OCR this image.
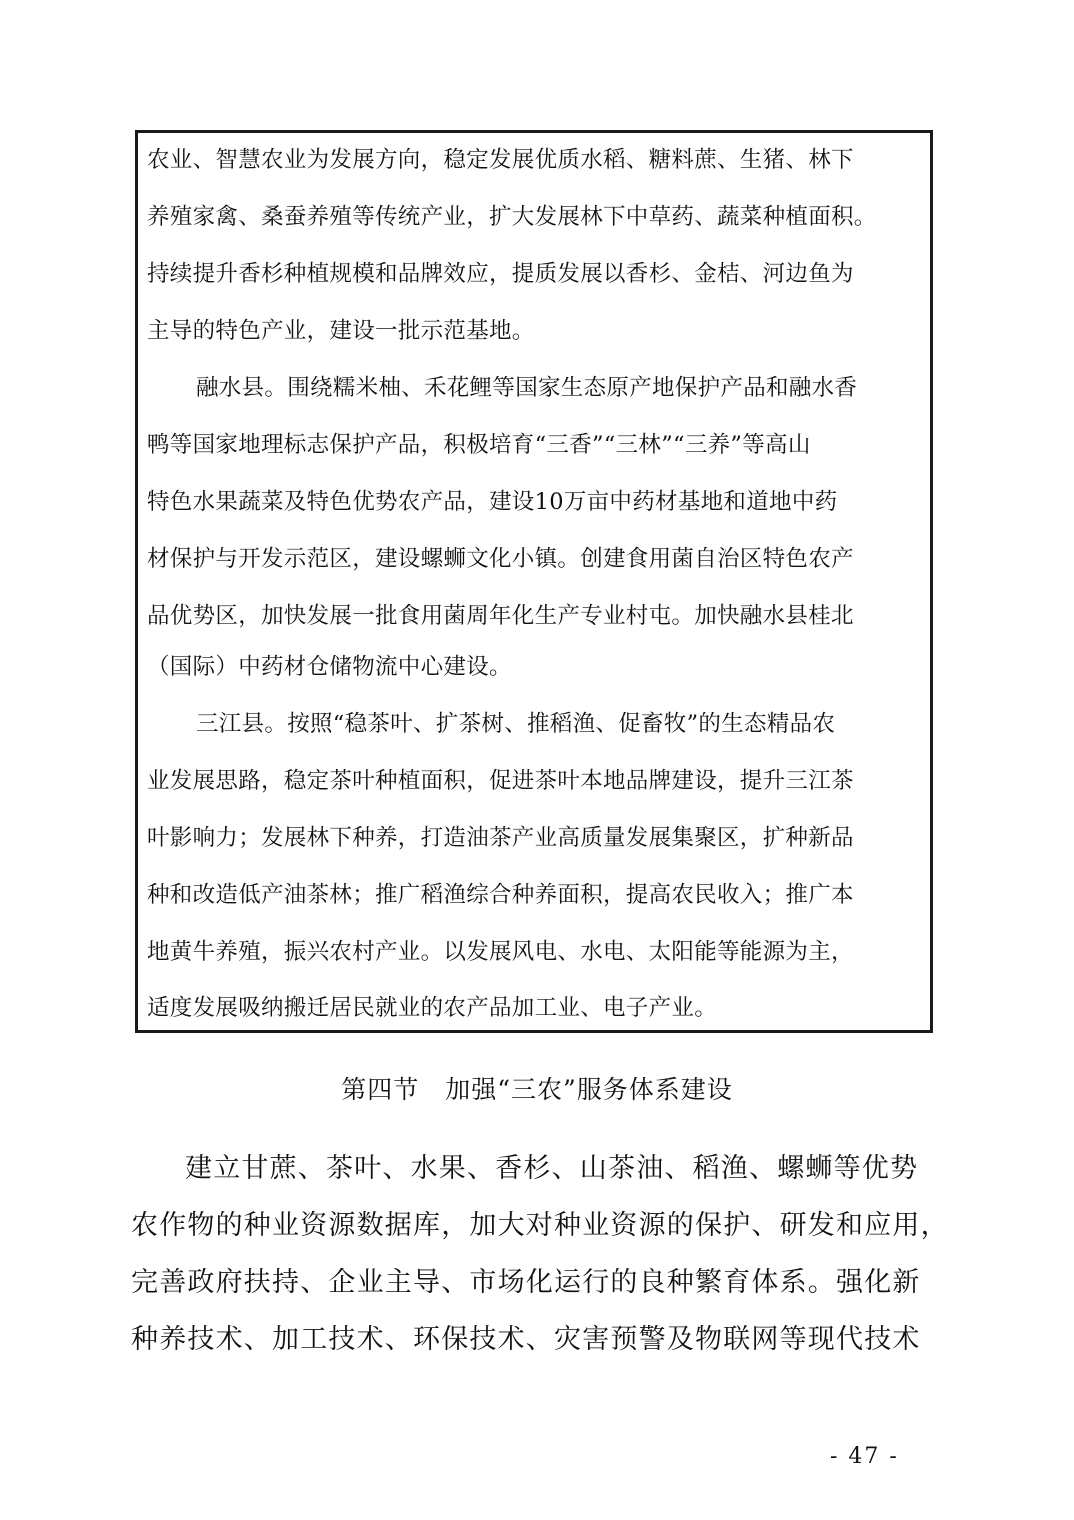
农业、智慧农业为发展方向，稳定发展优质水稻、糖料蔗、生猪、林下
养殖家禽、桑蚕养殖等传统产业，扩大发展林下中草药、蔬菜种植面积。
持续提升香杉种植规模和品牌效应，提质发展以香杉、金桔、河边鱼为
主导的特色产业，建设一批示范基地。
融水县。围绕糯米柚、禾花鲤等国家生态原产地保护产品和融水香
鸭等国家地理标志保护产品，积极培育“三香”“三林”“三养”等高山
特色水果蔬菜及特色优势农产品，建设10万亩中药材基地和道地中药
材保护与开发示范区，建设螺蛳文化小镇。创建食用菌自治区特色农产
品优势区，加快发展一批食用菌周年化生产专业村屯。加快融水县桂北
（国际）中药材仓储物流中心建设。
三江县。按照“稳茶叶、扩茶树、推稻渔、促畜牧”的生态精品农
业发展思路，稳定茶叶种植面积，促进茶叶本地品牌建设，提升三江茶
叶影响力；发展林下种养，打造油茶产业高质量发展集聚区，扩种新品
种和改造低产油茶林；推广稻渔综合种养面积，提高农民收入；推广本
地黄牛养殖，振兴农村产业。以发展风电、水电、太阳能等能源为主，
适度发展吸纳搬迁居民就业的农产品加工业、电子产业。
第四节　加强“三农”服务体系建设
建立甘蔗、茶叶、水果、香杉、山茶油、稻渔、螺蛳等优势
农作物的种业资源数据库，加大对种业资源的保护、研发和应用，
完善政府扶持、企业主导、市场化运行的良种繁育体系。强化新
种养技术、加工技术、环保技术、灾害预警及物联网等现代技术
- 47 -
